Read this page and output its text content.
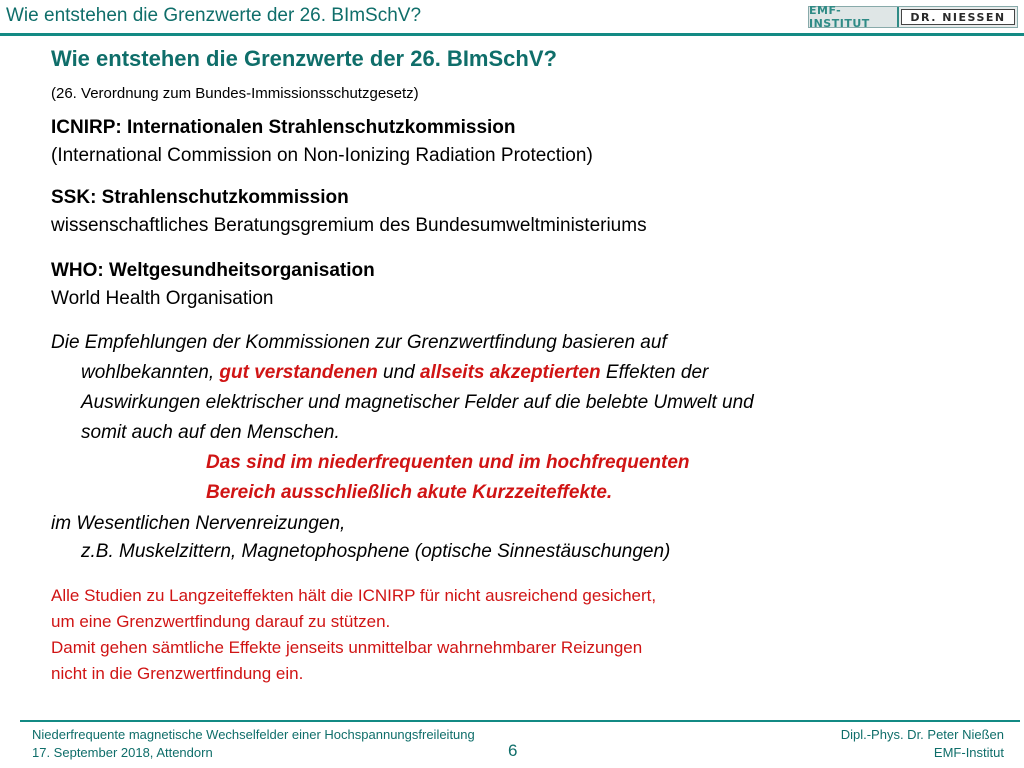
Wie entstehen die Grenzwerte der 26. BImSchV?	EMF-INSTITUT	DR. NIESSEN
Wie entstehen die Grenzwerte der 26. BImSchV?
(26. Verordnung zum Bundes-Immissionsschutzgesetz)
ICNIRP: Internationalen Strahlenschutzkommission
(International Commission on Non-Ionizing Radiation Protection)
SSK: Strahlenschutzkommission
wissenschaftliches Beratungsgremium des Bundesumweltministeriums
WHO: Weltgesundheitsorganisation
World Health Organisation
Die Empfehlungen der Kommissionen zur Grenzwertfindung basieren auf
wohlbekannten, gut verstandenen und allseits akzeptierten Effekten der
Auswirkungen elektrischer und magnetischer Felder auf die belebte Umwelt und
somit auch auf den Menschen.
Das sind im niederfrequenten und im hochfrequenten
Bereich ausschließlich akute Kurzzeiteffekte.
im Wesentlichen Nervenreizungen,
z.B. Muskelzittern, Magnetophosphene (optische Sinnestäuschungen)
Alle Studien zu Langzeiteffekten hält die ICNIRP für nicht ausreichend gesichert,
um eine Grenzwertfindung darauf zu stützen.
Damit gehen sämtliche Effekte jenseits unmittelbar wahrnehmbarer Reizungen
nicht in die Grenzwertfindung ein.
Niederfrequente magnetische Wechselfelder einer Hochspannungsfreileitung
17. September 2018, Attendorn	6
Dipl.-Phys. Dr. Peter Nießen
EMF-Institut
